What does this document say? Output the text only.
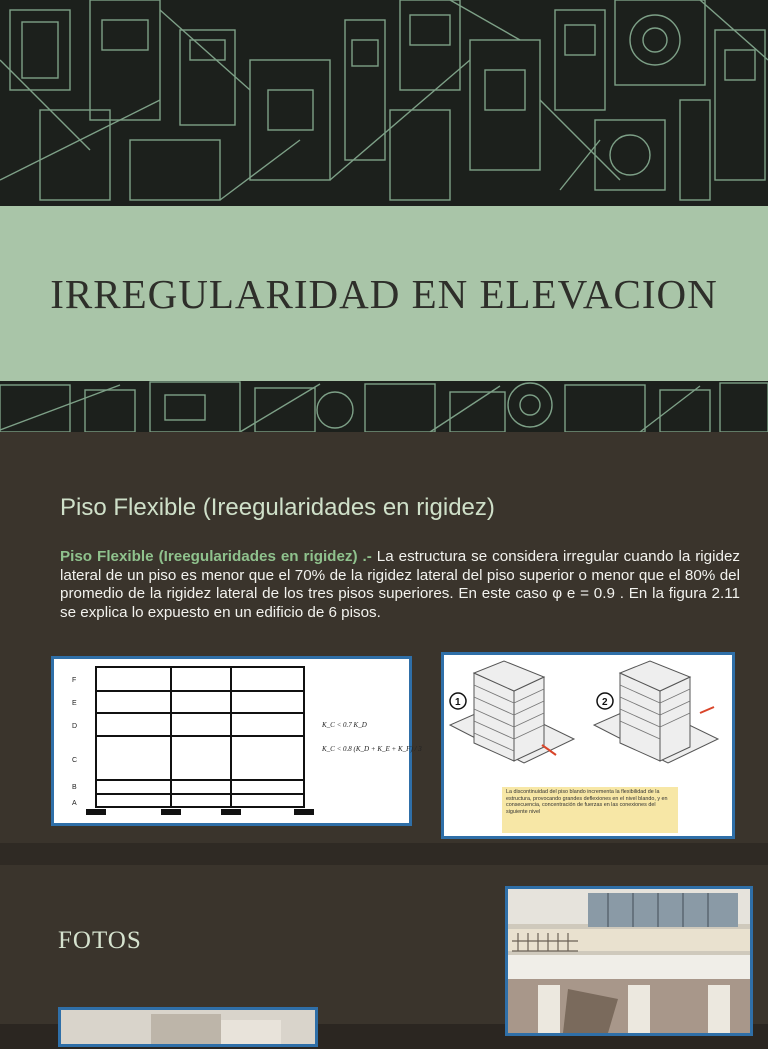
IRREGULARIDAD EN ELEVACION
Piso Flexible (Ireegularidades en rigidez)
Piso Flexible (Ireegularidades en rigidez) .- La estructura se considera irregular cuando la rigidez lateral de un piso es menor que el 70% de la rigidez lateral del piso superior o menor que el 80% del promedio de la rigidez lateral de los tres pisos superiores. En este caso φ e = 0.9 . En la figura 2.11 se explica lo expuesto en un edificio de 6 pisos.
F
E
D
C
B
A
K_C < 0.7 K_D
K_C < 0.8 (K_D + K_E + K_F) / 3
1	2
La discontinuidad del piso blando incrementa la flexibilidad de la estructura, provocando grandes deflexiones en el nivel blando, y en consecuencia, concentración de fuerzas en las conexiones del siguiente nivel
FOTOS
